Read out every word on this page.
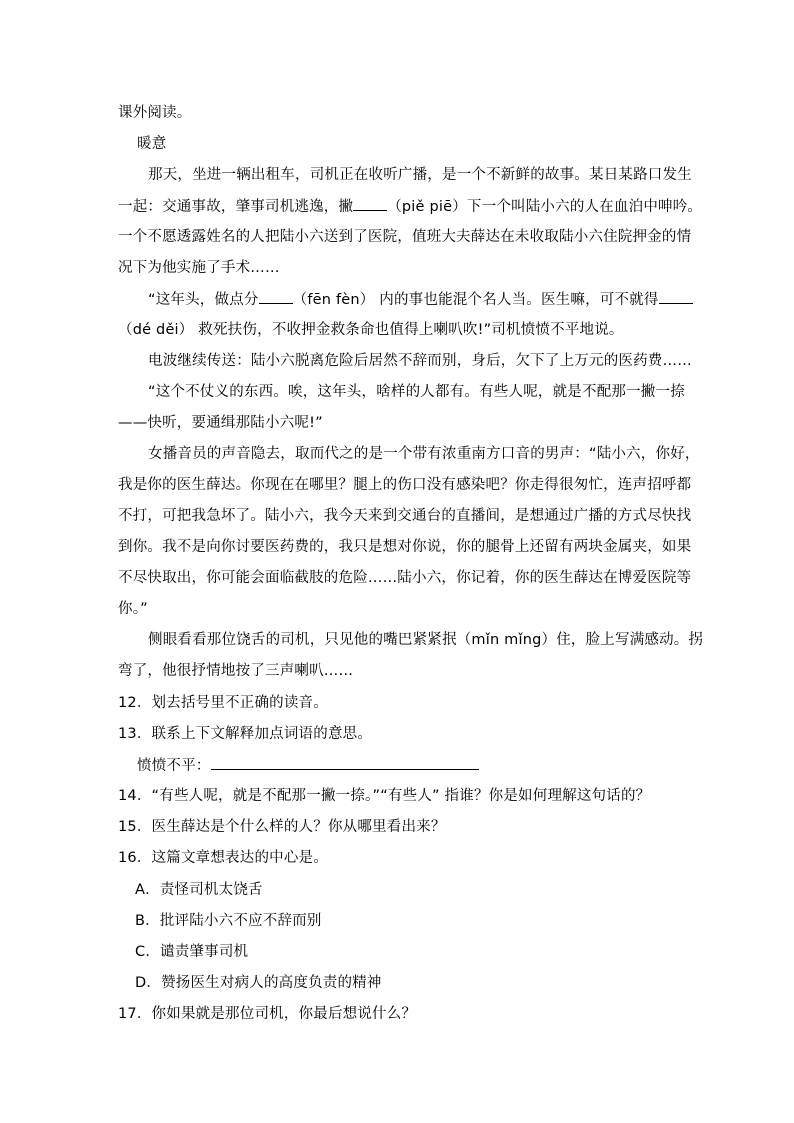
课外阅读。
暖意
那天，坐进一辆出租车，司机正在收听广播，是一个不新鲜的故事。某日某路口发生
一起：交通事故，肇事司机逃逸，撇 （piě piē）下一个叫陆小六的人在血泊中呻吟。
一个不愿透露姓名的人把陆小六送到了医院，值班大夫薛达在未收取陆小六住院押金的情
况下为他实施了手术……
“这年头，做点分 （fēn fèn） 内的事也能混个名人当。医生嘛，可不就得
（dé děi） 救死扶伤，不收押金救条命也值得上喇叭吹!”司机愤愤不平地说。
电波继续传送：陆小六脱离危险后居然不辞而别，身后，欠下了上万元的医药费……
“这个不仗义的东西。唉，这年头，啥样的人都有。有些人呢，就是不配那一撇一捺
——快听，要通缉那陆小六呢!”
女播音员的声音隐去，取而代之的是一个带有浓重南方口音的男声：“陆小六，你好，
我是你的医生薛达。你现在在哪里？腿上的伤口没有感染吧？你走得很匆忙，连声招呼都
不打，可把我急坏了。陆小六，我今天来到交通台的直播间，是想通过广播的方式尽快找
到你。我不是向你讨要医药费的，我只是想对你说，你的腿骨上还留有两块金属夹，如果
不尽快取出，你可能会面临截肢的危险……陆小六，你记着，你的医生薛达在博爱医院等
你。”
侧眼看看那位饶舌的司机，只见他的嘴巴紧紧抿（mǐn mǐng）住，脸上写满感动。拐
弯了，他很抒情地按了三声喇叭……
12．划去括号里不正确的读音。
13．联系上下文解释加点词语的意思。
愤愤不平：
14．“有些人呢，就是不配那一撇一捺。”“有些人” 指谁？你是如何理解这句话的？
15．医生薛达是个什么样的人？你从哪里看出来？
16．这篇文章想表达的中心是。
A．责怪司机太饶舌
B．批评陆小六不应不辞而别
C．谴责肇事司机
D．赞扬医生对病人的高度负责的精神
17．你如果就是那位司机，你最后想说什么？
